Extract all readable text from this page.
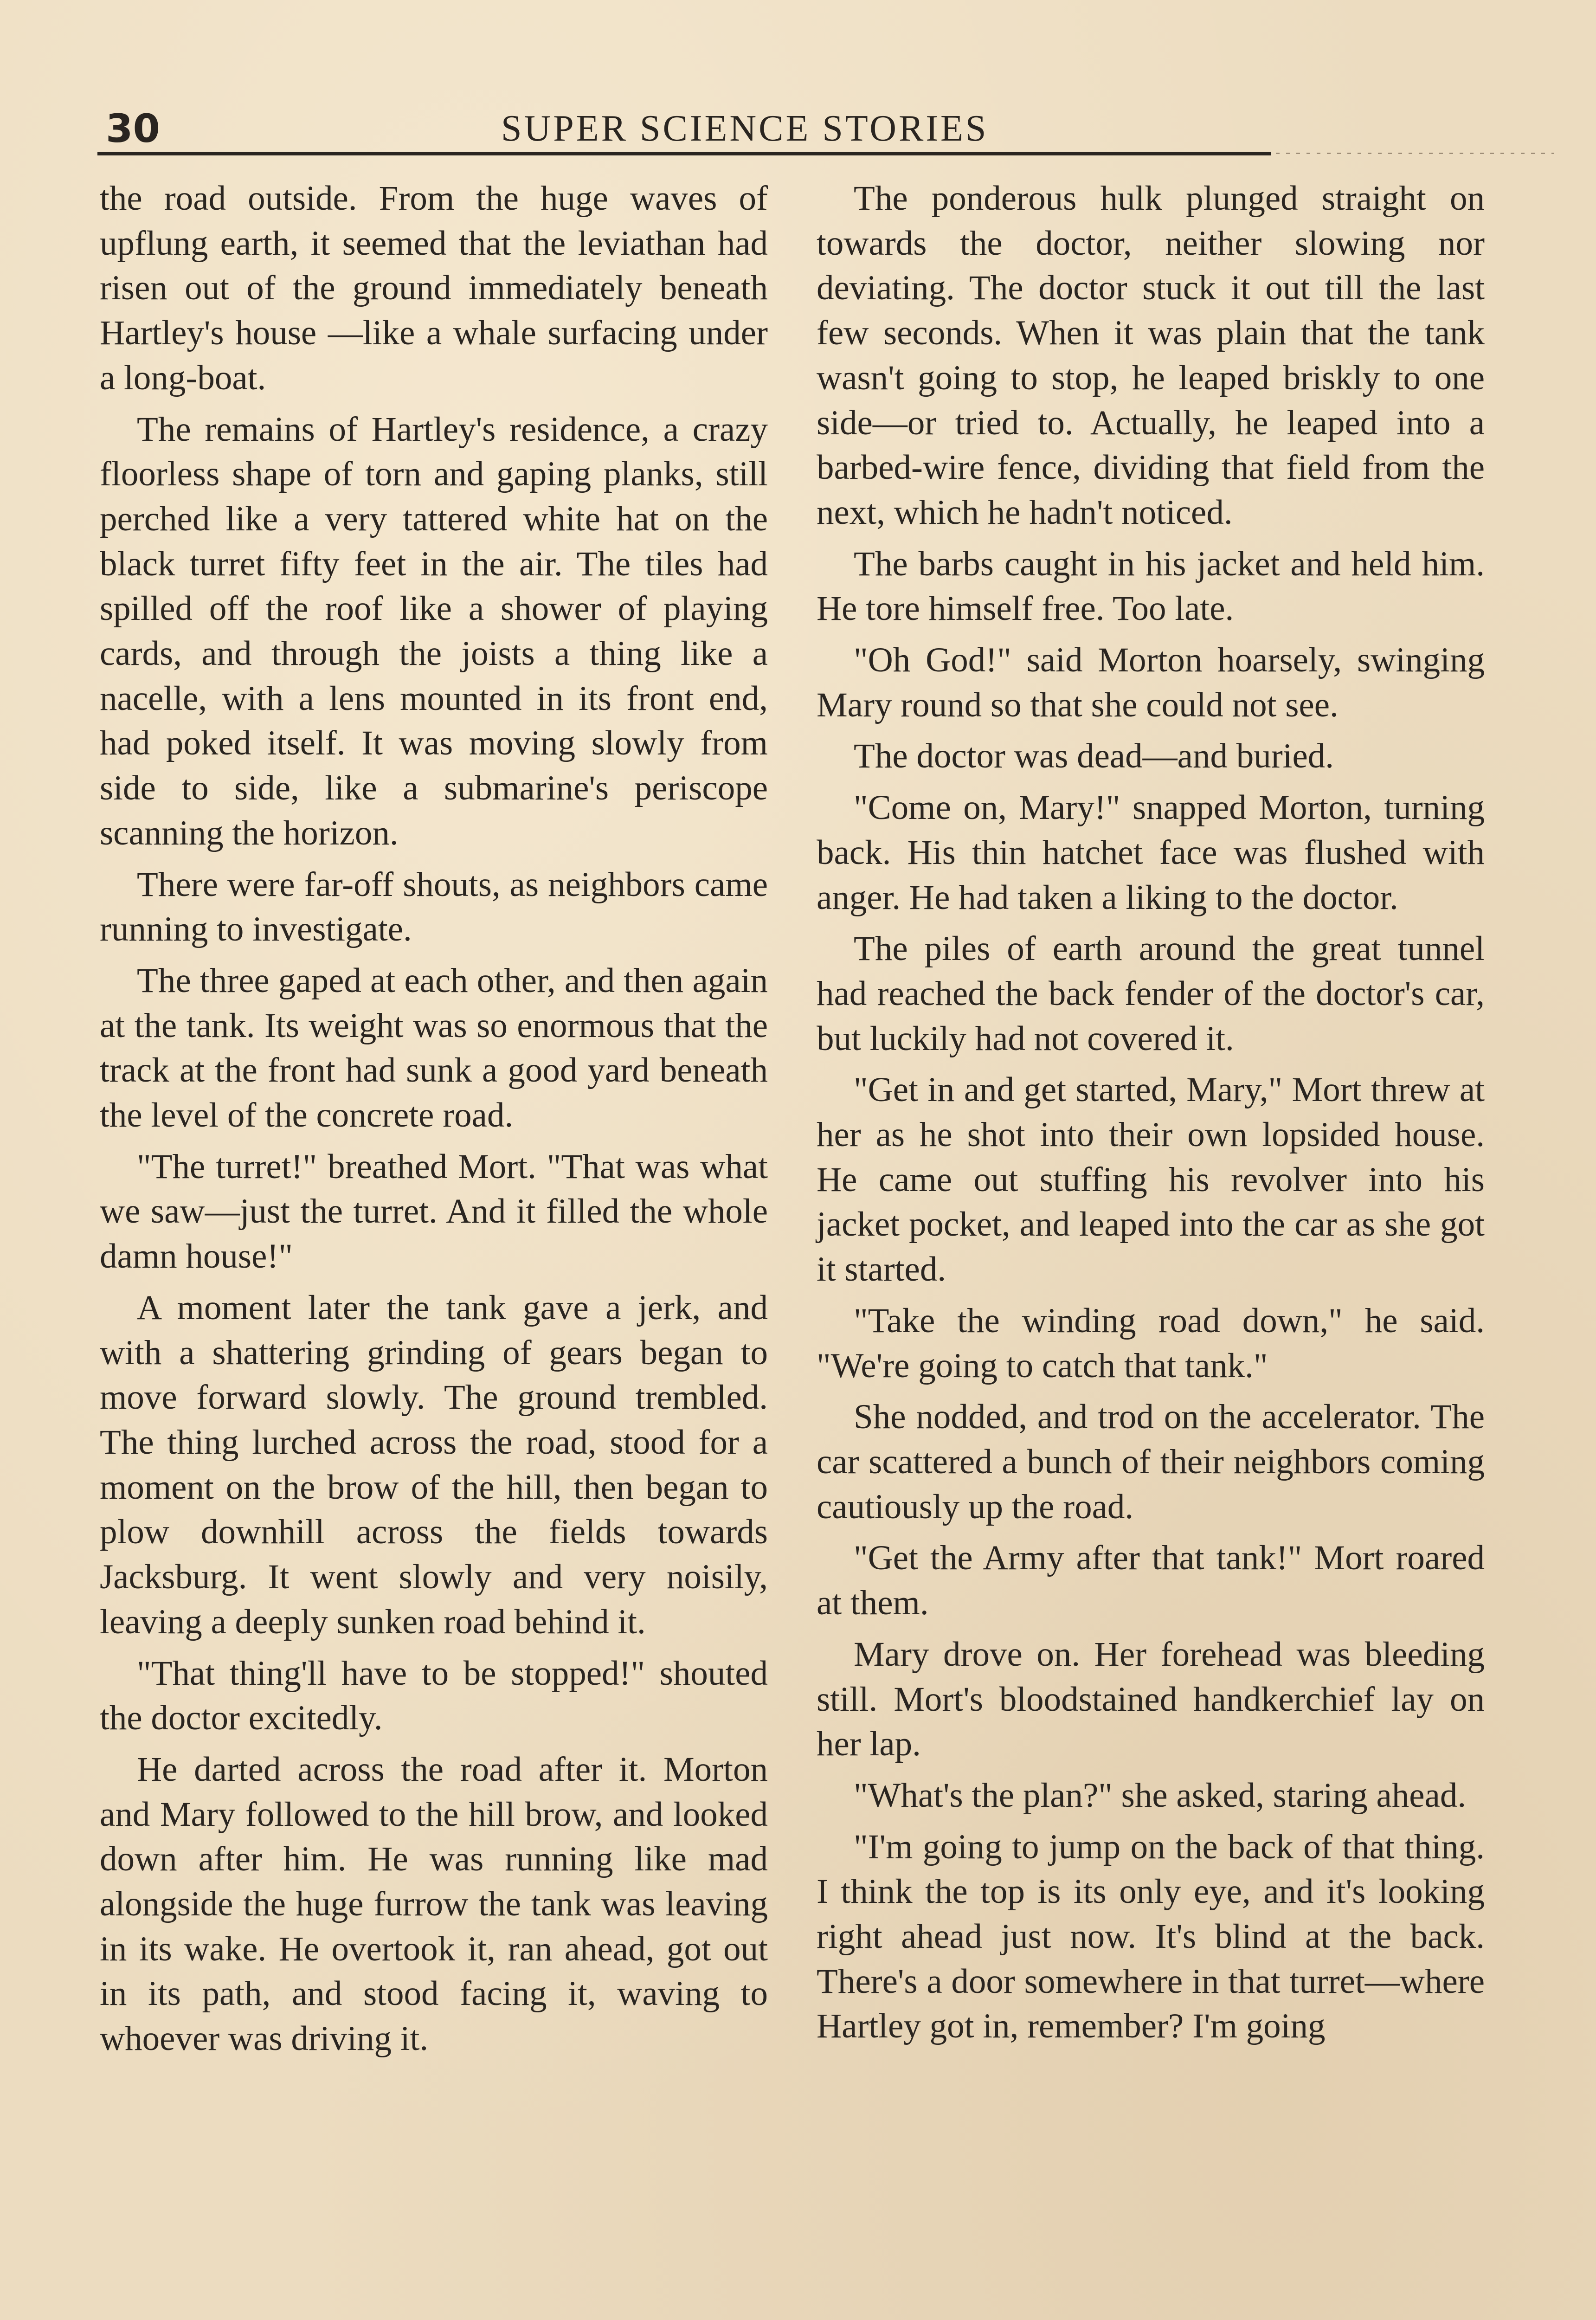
30	SUPER SCIENCE STORIES

the road outside. From the huge waves of upflung earth, it seemed that the leviathan had risen out of the ground immediately beneath Hartley's house —like a whale surfacing under a long-boat.

The remains of Hartley's residence, a crazy floorless shape of torn and gaping planks, still perched like a very tattered white hat on the black turret fifty feet in the air. The tiles had spilled off the roof like a shower of playing cards, and through the joists a thing like a nacelle, with a lens mounted in its front end, had poked itself. It was moving slowly from side to side, like a submarine's periscope scanning the horizon.

There were far-off shouts, as neighbors came running to investigate.

The three gaped at each other, and then again at the tank. Its weight was so enormous that the track at the front had sunk a good yard beneath the level of the concrete road.

"The turret!" breathed Mort. "That was what we saw—just the turret. And it filled the whole damn house!"

A moment later the tank gave a jerk, and with a shattering grinding of gears began to move forward slowly. The ground trembled. The thing lurched across the road, stood for a moment on the brow of the hill, then began to plow downhill across the fields towards Jacksburg. It went slowly and very noisily, leaving a deeply sunken road behind it.

"That thing'll have to be stopped!" shouted the doctor excitedly.

He darted across the road after it. Morton and Mary followed to the hill brow, and looked down after him. He was running like mad alongside the huge furrow the tank was leaving in its wake. He overtook it, ran ahead, got out in its path, and stood facing it, waving to whoever was driving it.

The ponderous hulk plunged straight on towards the doctor, neither slowing nor deviating. The doctor stuck it out till the last few seconds. When it was plain that the tank wasn't going to stop, he leaped briskly to one side—or tried to. Actually, he leaped into a barbed-wire fence, dividing that field from the next, which he hadn't noticed.

The barbs caught in his jacket and held him. He tore himself free. Too late.

"Oh God!" said Morton hoarsely, swinging Mary round so that she could not see.

The doctor was dead—and buried.

"Come on, Mary!" snapped Morton, turning back. His thin hatchet face was flushed with anger. He had taken a liking to the doctor.

The piles of earth around the great tunnel had reached the back fender of the doctor's car, but luckily had not covered it.

"Get in and get started, Mary," Mort threw at her as he shot into their own lopsided house. He came out stuffing his revolver into his jacket pocket, and leaped into the car as she got it started.

"Take the winding road down," he said. "We're going to catch that tank."

She nodded, and trod on the accelerator. The car scattered a bunch of their neighbors coming cautiously up the road.

"Get the Army after that tank!" Mort roared at them.

Mary drove on. Her forehead was bleeding still. Mort's bloodstained handkerchief lay on her lap.

"What's the plan?" she asked, staring ahead.

"I'm going to jump on the back of that thing. I think the top is its only eye, and it's looking right ahead just now. It's blind at the back. There's a door somewhere in that turret—where Hartley got in, remember? I'm going
